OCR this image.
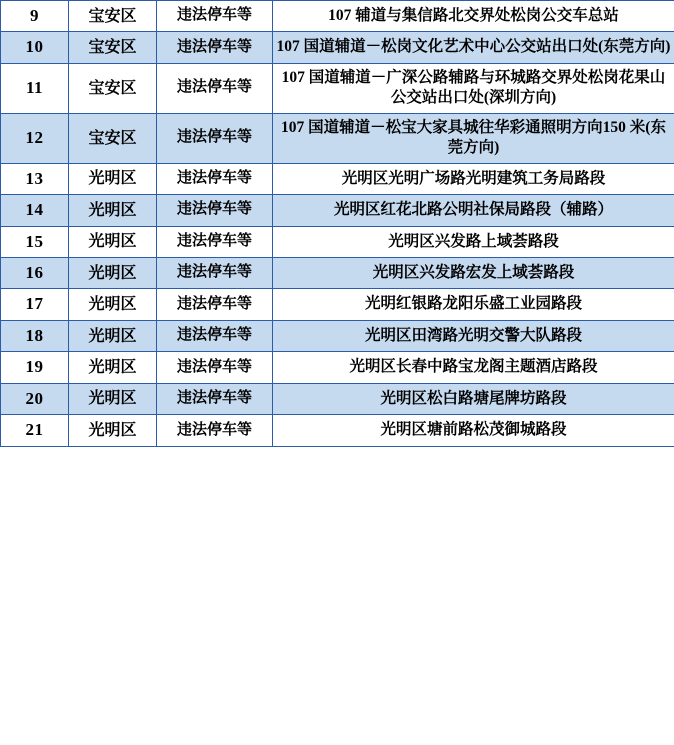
9	宝安区	违法停车等	107 辅道与集信路北交界处松岗公交车总站
10	宝安区	违法停车等	107 国道辅道－松岗文化艺术中心公交站出口处(东莞方向)
11	宝安区	违法停车等	107 国道辅道－广深公路辅路与环城路交界处松岗花果山公交站出口处(深圳方向)
12	宝安区	违法停车等	107 国道辅道－松宝大家具城往华彩通照明方向150 米(东莞方向)
13	光明区	违法停车等	光明区光明广场路光明建筑工务局路段
14	光明区	违法停车等	光明区红花北路公明社保局路段（辅路）
15	光明区	违法停车等	光明区兴发路上域荟路段
16	光明区	违法停车等	光明区兴发路宏发上域荟路段
17	光明区	违法停车等	光明红银路龙阳乐盛工业园路段
18	光明区	违法停车等	光明区田湾路光明交警大队路段
19	光明区	违法停车等	光明区长春中路宝龙阁主题酒店路段
20	光明区	违法停车等	光明区松白路塘尾牌坊路段
21	光明区	违法停车等	光明区塘前路松茂御城路段
